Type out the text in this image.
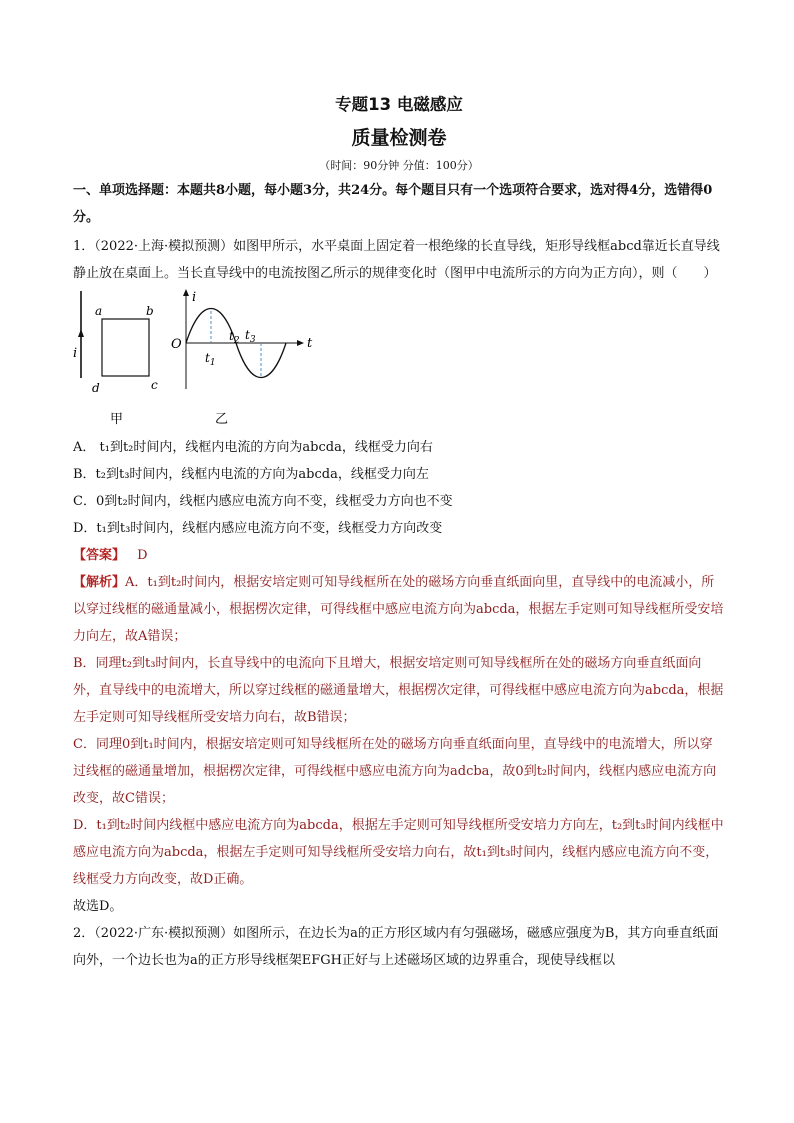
专题13 电磁感应

质量检测卷

（时间：90分钟 分值：100分）

一、单项选择题：本题共8小题，每小题3分，共24分。每个题目只有一个选项符合要求，选对得4分，选错得0分。

1．（2022·上海·模拟预测）如图甲所示，水平桌面上固定着一根绝缘的长直导线，矩形导线框abcd靠近长直导线静止放在桌面上。当长直导线中的电流按图乙所示的规律变化时（图甲中电流所示的方向为正方向），则（　　）

i
a	b
c
d
甲
i
t
O
$t_1$
$t_2$ $t_3$
乙

A． t₁到t₂时间内，线框内电流的方向为abcda，线框受力向右

B．t₂到t₃时间内，线框内电流的方向为abcda，线框受力向左

C．0到t₂时间内，线框内感应电流方向不变，线框受力方向也不变

D．t₁到t₃时间内，线框内感应电流方向不变，线框受力方向改变

【答案】 D

【解析】A．t₁到t₂时间内，根据安培定则可知导线框所在处的磁场方向垂直纸面向里，直导线中的电流减小，所以穿过线框的磁通量减小，根据楞次定律，可得线框中感应电流方向为abcda，根据左手定则可知导线框所受安培力向左，故A错误；

B．同理t₂到t₃时间内，长直导线中的电流向下且增大，根据安培定则可知导线框所在处的磁场方向垂直纸面向外，直导线中的电流增大，所以穿过线框的磁通量增大，根据楞次定律，可得线框中感应电流方向为abcda，根据左手定则可知导线框所受安培力向右，故B错误；

C．同理0到t₁时间内，根据安培定则可知导线框所在处的磁场方向垂直纸面向里，直导线中的电流增大，所以穿过线框的磁通量增加，根据楞次定律，可得线框中感应电流方向为adcba，故0到t₂时间内，线框内感应电流方向改变，故C错误；

D．t₁到t₂时间内线框中感应电流方向为abcda，根据左手定则可知导线框所受安培力方向左，t₂到t₃时间内线框中感应电流方向为abcda，根据左手定则可知导线框所受安培力向右，故t₁到t₃时间内，线框内感应电流方向不变，线框受力方向改变，故D正确。

故选D。

2．（2022·广东·模拟预测）如图所示，在边长为a的正方形区域内有匀强磁场，磁感应强度为B，其方向垂直纸面向外，一个边长也为a的正方形导线框架EFGH正好与上述磁场区域的边界重合，现使导线框以
